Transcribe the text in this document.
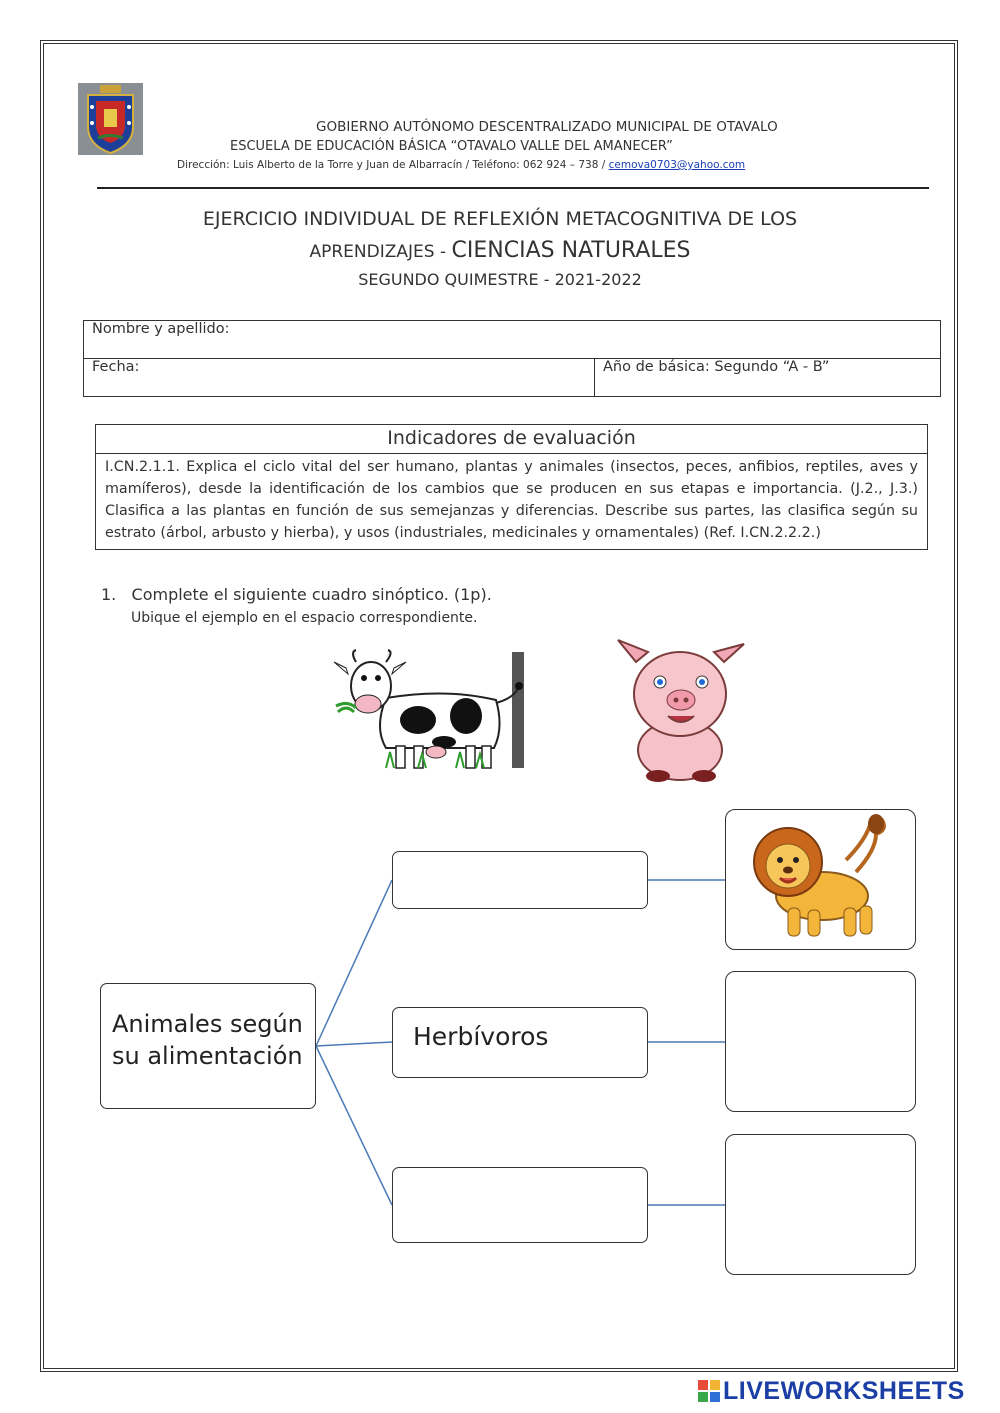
GOBIERNO AUTÓNOMO DESCENTRALIZADO MUNICIPAL DE OTAVALO
ESCUELA DE EDUCACIÓN BÁSICA “OTAVALO VALLE DEL AMANECER”
Dirección: Luis Alberto de la Torre y Juan de Albarracín / Teléfono: 062 924 – 738 / cemova0703@yahoo.com
EJERCICIO INDIVIDUAL DE REFLEXIÓN METACOGNITIVA DE LOS
APRENDIZAJES - CIENCIAS NATURALES
SEGUNDO QUIMESTRE - 2021-2022
Nombre y apellido:
Fecha:	Año de básica: Segundo “A - B”
Indicadores de evaluación
I.CN.2.1.1. Explica el ciclo vital del ser humano, plantas y animales (insectos, peces, anfibios, reptiles, aves y mamíferos), desde la identificación de los cambios que se producen en sus etapas e importancia. (J.2., J.3.) Clasifica a las plantas en función de sus semejanzas y diferencias. Describe sus partes, las clasifica según su estrato (árbol, arbusto y hierba), y usos (industriales, medicinales y ornamentales) (Ref. I.CN.2.2.2.)
1. Complete el siguiente cuadro sinóptico. (1p).
Ubique el ejemplo en el espacio correspondiente.
Animales según su alimentación
Herbívoros
LIVEWORKSHEETS
